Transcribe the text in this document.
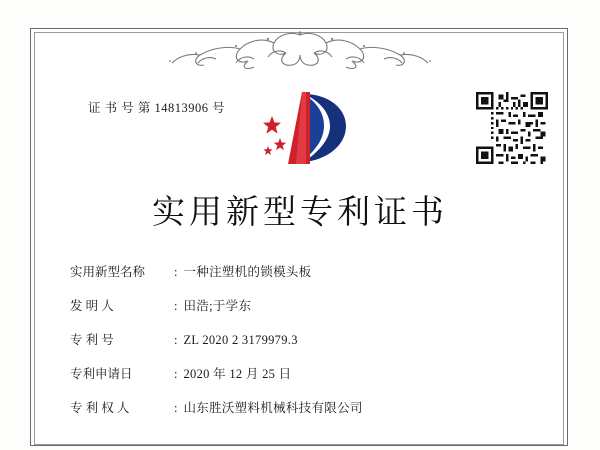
证 书 号 第 14813906 号
实用新型专利证书
实用新型名称	: 一种注塑机的锁模头板
发 明 人	: 田浩;于学东
专 利 号	: ZL 2020 2 3179979.3
专利申请日	: 2020 年 12 月 25 日
专 利 权 人	: 山东胜沃塑料机械科技有限公司
